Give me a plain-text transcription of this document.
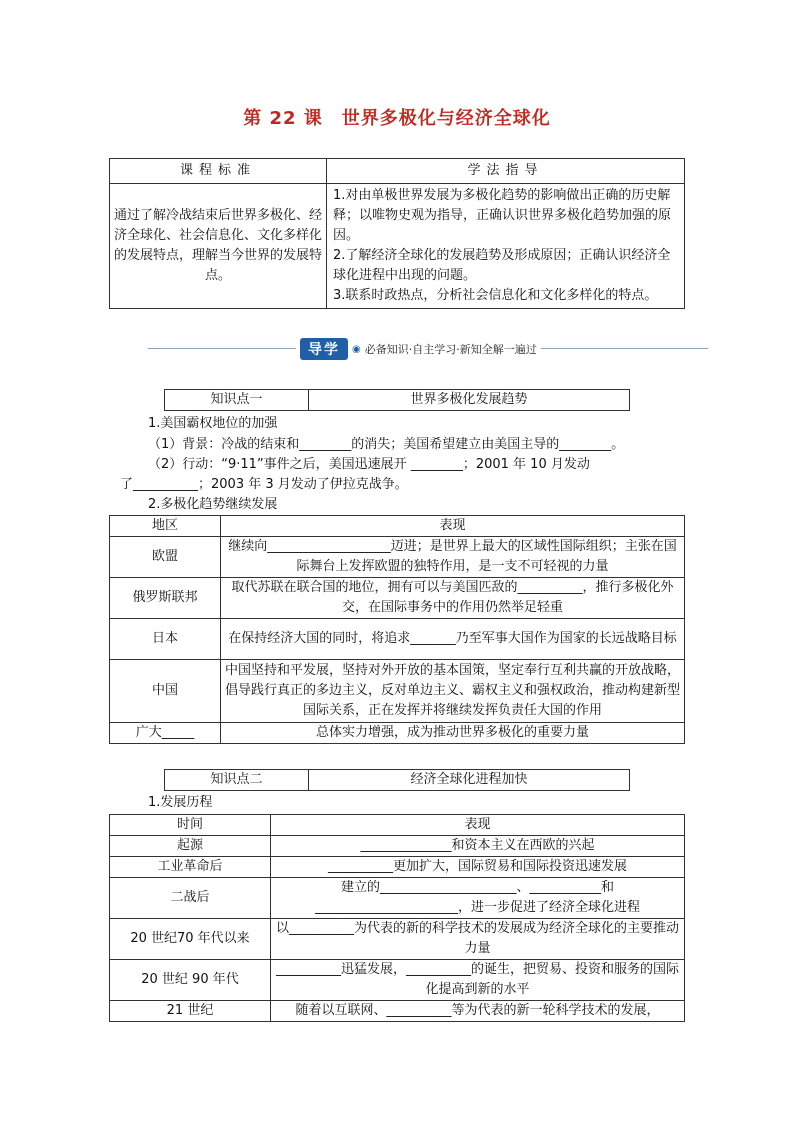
第 22 课　世界多极化与经济全球化
课程标准	学法指导
通过了解冷战结束后世界多极化、经济全球化、社会信息化、文化多样化的发展特点，理解当今世界的发展特点。	1.对由单极世界发展为多极化趋势的影响做出正确的历史解释；以唯物史观为指导，正确认识世界多极化趋势加强的原因。
2.了解经济全球化的发展趋势及形成原因；正确认识经济全球化进程中出现的问题。
3.联系时政热点，分析社会信息化和文化多样化的特点。
导学	◉ 必备知识·自主学习·新知全解一遍过
知识点一	世界多极化发展趋势
1.美国霸权地位的加强
（1）背景：冷战的结束和________的消失；美国希望建立由美国主导的________。
（2）行动：“9·11”事件之后，美国迅速展开 ________；2001 年 10 月发动
了__________；2003 年 3 月发动了伊拉克战争。
2.多极化趋势继续发展
地区	表现
欧盟	继续向___________________迈进；是世界上最大的区域性国际组织；主张在国际舞台上发挥欧盟的独特作用，是一支不可轻视的力量
俄罗斯联邦	取代苏联在联合国的地位，拥有可以与美国匹敌的__________，推行多极化外交，在国际事务中的作用仍然举足轻重
日本	在保持经济大国的同时，将追求_______乃至军事大国作为国家的长远战略目标
中国	中国坚持和平发展，坚持对外开放的基本国策，坚定奉行互利共赢的开放战略，倡导践行真正的多边主义，反对单边主义、霸权主义和强权政治，推动构建新型国际关系，正在发挥并将继续发挥负责任大国的作用
广大_____	总体实力增强，成为推动世界多极化的重要力量
知识点二	经济全球化进程加快
1.发展历程
时间	表现
起源	______________和资本主义在西欧的兴起
工业革命后	__________更加扩大，国际贸易和国际投资迅速发展
二战后	建立的_____________________、___________和______________________，进一步促进了经济全球化进程
20 世纪70 年代以来	以__________为代表的新的科学技术的发展成为经济全球化的主要推动力量
20 世纪 90 年代	__________迅猛发展，__________的诞生，把贸易、投资和服务的国际化提高到新的水平
21 世纪	随着以互联网、__________等为代表的新一轮科学技术的发展，
